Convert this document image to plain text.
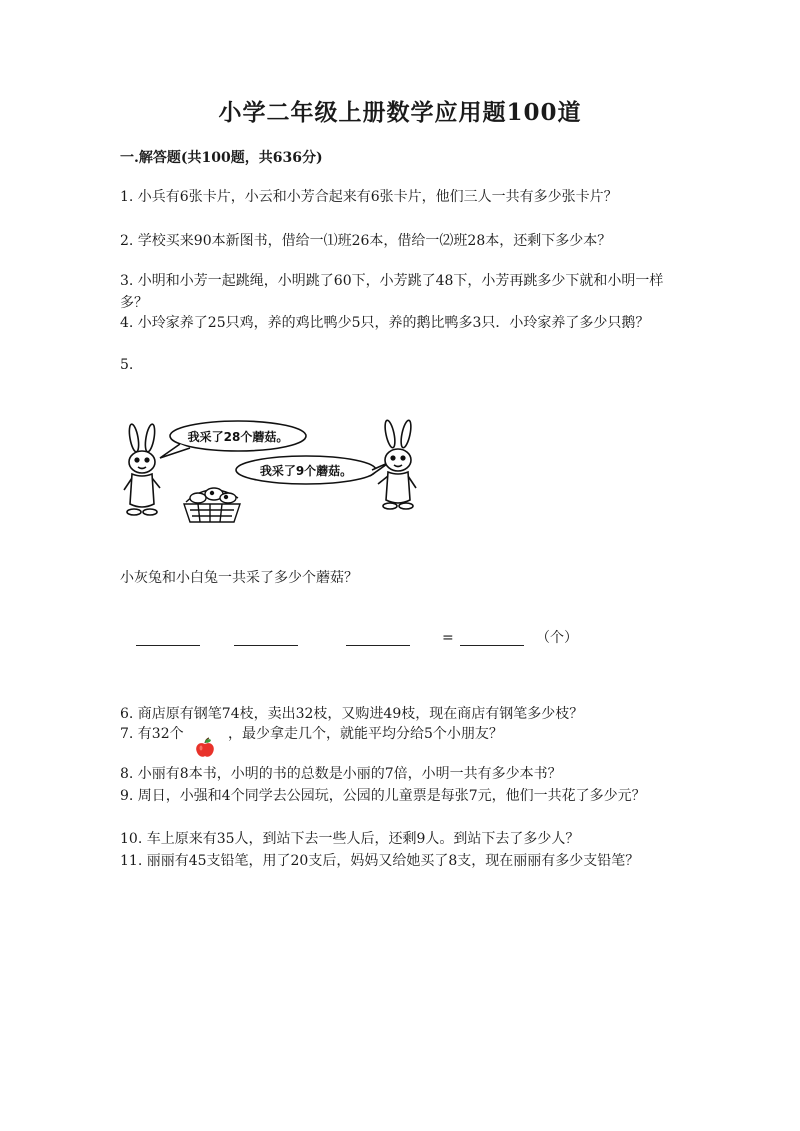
小学二年级上册数学应用题100道
一.解答题(共100题，共636分)
1. 小兵有6张卡片，小云和小芳合起来有6张卡片，他们三人一共有多少张卡片？
2. 学校买来90本新图书，借给一⑴班26本，借给一⑵班28本，还剩下多少本？
3. 小明和小芳一起跳绳，小明跳了60下，小芳跳了48下，小芳再跳多少下就和小明一样多？
4. 小玲家养了25只鸡，养的鸡比鸭少5只，养的鹅比鸭多3只．小玲家养了多少只鹅？
5.
我采了28个蘑菇。
我采了9个蘑菇。
小灰兔和小白兔一共采了多少个蘑菇？
=	（个）
6. 商店原有钢笔74枝，卖出32枝，又购进49枝，现在商店有钢笔多少枝？
7. 有32个	，最少拿走几个，就能平均分给5个小朋友？
8. 小丽有8本书，小明的书的总数是小丽的7倍，小明一共有多少本书？
9. 周日，小强和4个同学去公园玩，公园的儿童票是每张7元，他们一共花了多少元？
10. 车上原来有35人，到站下去一些人后，还剩9人。到站下去了多少人？
11. 丽丽有45支铅笔，用了20支后，妈妈又给她买了8支，现在丽丽有多少支铅笔？
